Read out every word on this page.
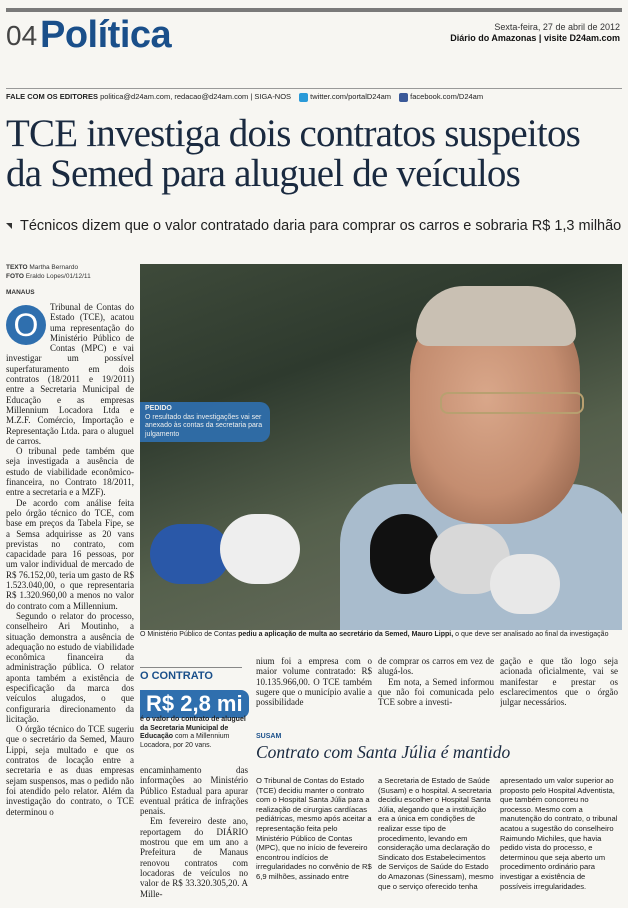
04 Política	Sexta-feira, 27 de abril de 2012
Diário do Amazonas | visite D24am.com
FALE COM OS EDITORES politica@d24am.com, redacao@d24am.com | SIGA-NOS	twitter.com/portalD24am	facebook.com/D24am
TCE investiga dois contratos suspeitos da Semed para aluguel de veículos
Técnicos dizem que o valor contratado daria para comprar os carros e sobraria R$ 1,3 milhão
TEXTO Martha Bernardo
FOTO Eraldo Lopes/01/12/11
MANAUS
O	Tribunal de Contas do Estado (TCE), acatou uma representação do Ministério Público de Contas (MPC) e vai investigar um possível superfaturamento em dois contratos (18/2011 e 19/2011) entre a Secretaria Municipal de Educação e as empresas Millennium Locadora Ltda e M.Z.F. Comércio, Importação e Representação Ltda. para o aluguel de carros.

O tribunal pede também que seja investigada a ausência de estudo de viabilidade econômico-financeira, no Contrato 18/2011, entre a secretaria e a MZF).

De acordo com análise feita pelo órgão técnico do TCE, com base em preços da Tabela Fipe, se a Semsa adquirisse as 20 vans previstas no contrato, com capacidade para 16 pessoas, por um valor individual de mercado de R$ 76.152,00, teria um gasto de R$ 1.523.040,00, o que representaria R$ 1.320.960,00 a menos no valor do contrato com a Millennium.

Segundo o relator do processo, conselheiro Ari Moutinho, a situação demonstra a ausência de adequação no estudo de viabilidade econômica financeira da administração pública. O relator aponta também a existência de especificação da marca dos veículos alugados, o que configuraria direcionamento da licitação.

O órgão técnico do TCE sugeriu que o secretário da Semed, Mauro Lippi, seja multado e que os contratos de locação entre a secretaria e as duas empresas sejam suspensos, mas o pedido não foi atendido pelo relator. Além da investigação do contrato, o TCE determinou o

PEDIDO
O resultado das investigações vai ser anexado às contas da secretaria para julgamento
O Ministério Público de Contas pediu a aplicação de multa ao secretário da Semed, Mauro Lippi, o que deve ser analisado ao final da investigação
O CONTRATO
R$ 2,8 mi
é o valor do contrato de aluguel da Secretaria Municipal de Educação com a Millennium Locadora, por 20 vans.

encaminhamento das informações ao Ministério Público Estadual para apurar eventual prática de infrações penais.

Em fevereiro deste ano, reportagem do DIÁRIO mostrou que em um ano a Prefeitura de Manaus renovou contratos com locadoras de veículos no valor de R$ 33.320.305,20. A Mille-

nium foi a empresa com o maior volume contratado: R$ 10.135.966,00. O TCE também sugere que o município avalie a possibilidade

de comprar os carros em vez de alugá-los.

Em nota, a Semed informou que não foi comunicada pelo TCE sobre a investi-

gação e que tão logo seja acionada oficialmente, vai se manifestar e prestar os esclarecimentos que o órgão julgar necessários.

SUSAM
Contrato com Santa Júlia é mantido
O Tribunal de Contas do Estado (TCE) decidiu manter o contrato com o Hospital Santa Júlia para a realização de cirurgias cardíacas pediátricas, mesmo após aceitar a representação feita pelo Ministério Público de Contas (MPC), que no início de fevereiro encontrou indícios de irregularidades no convênio de R$ 6,9 milhões, assinado entre
a Secretaria de Estado de Saúde (Susam) e o hospital. A secretaria decidiu escolher o Hospital Santa Júlia, alegando que a instituição era a única em condições de realizar esse tipo de procedimento, levando em consideração uma declaração do Sindicato dos Estabelecimentos de Serviços de Saúde do Estado do Amazonas (Sinessam), mesmo que o serviço oferecido tenha
apresentado um valor superior ao proposto pelo Hospital Adventista, que também concorreu no processo. Mesmo com a manutenção do contrato, o tribunal acatou a sugestão do conselheiro Raimundo Michiles, que havia pedido vista do processo, e determinou que seja aberto um procedimento ordinário para investigar a existência de possíveis irregularidades.
